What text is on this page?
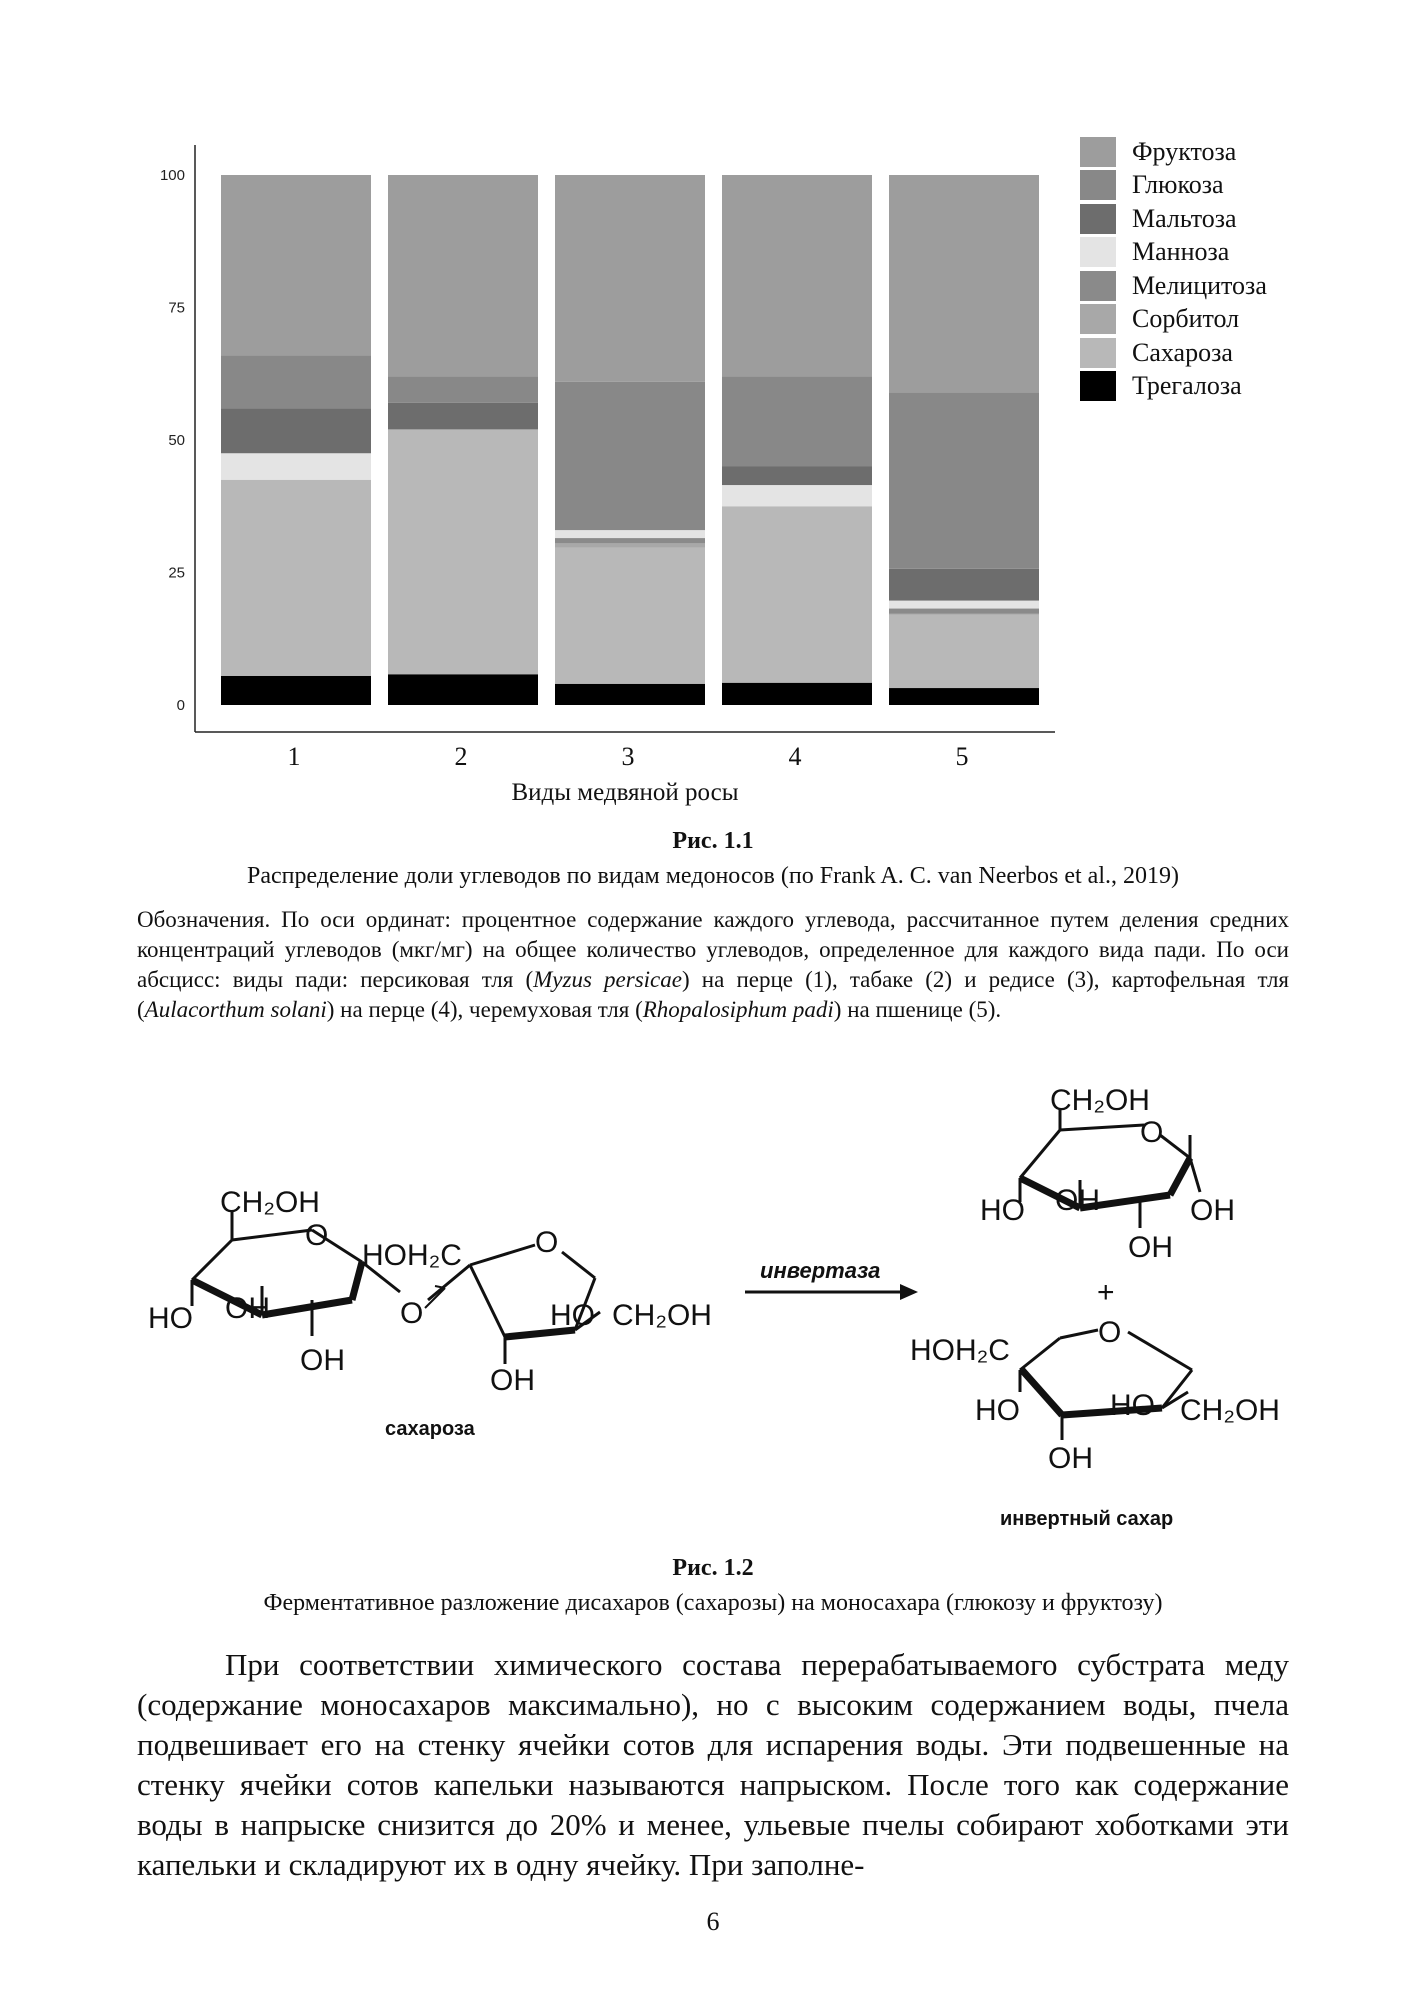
0
25
50
75
100
1	2	3	4	5
Виды медвяной росы
Фруктоза
Глюкоза
Мальтоза
Манноза
Мелицитоза
Сорбитол
Сахароза
Трегалоза
Рис. 1.1
Распределение доли углеводов по видам медоносов (по Frank A. C. van Neerbos et al., 2019)
Обозначения. По оси ординат: процентное содержание каждого углевода, рассчитанное путем деления средних концентраций углеводов (мкг/мг) на общее количество углеводов, определенное для каждого вида пади. По оси абсцисс: виды пади: персиковая тля (Myzus persicae) на перце (1), табаке (2) и редисе (3), картофельная тля (Aulacorthum solani) на перце (4), черемуховая тля (Rhopalosiphum padi) на пшенице (5).
CH₂OH
O
HO OH
OH
O
HOH₂C O
HO CH₂OH
OH
сахароза
инвертаза
CH₂OH
O
HO OH	OH
OH
+
HOH₂C
O
HO	HO CH₂OH
OH
инвертный сахар
Рис. 1.2
Ферментативное разложение дисахаров (сахарозы) на моносахара (глюкозу и фруктозу)
При соответствии химического состава перерабатываемого субстрата меду (содержание моносахаров максимально), но с высоким содержанием воды, пчела подвешивает его на стенку ячейки сотов для испарения воды. Эти подвешенные на стенку ячейки сотов капельки называются напрыском. После того как содержание воды в напрыске снизится до 20% и менее, ульевые пчелы собирают хоботками эти капельки и складируют их в одну ячейку. При заполне-
6
